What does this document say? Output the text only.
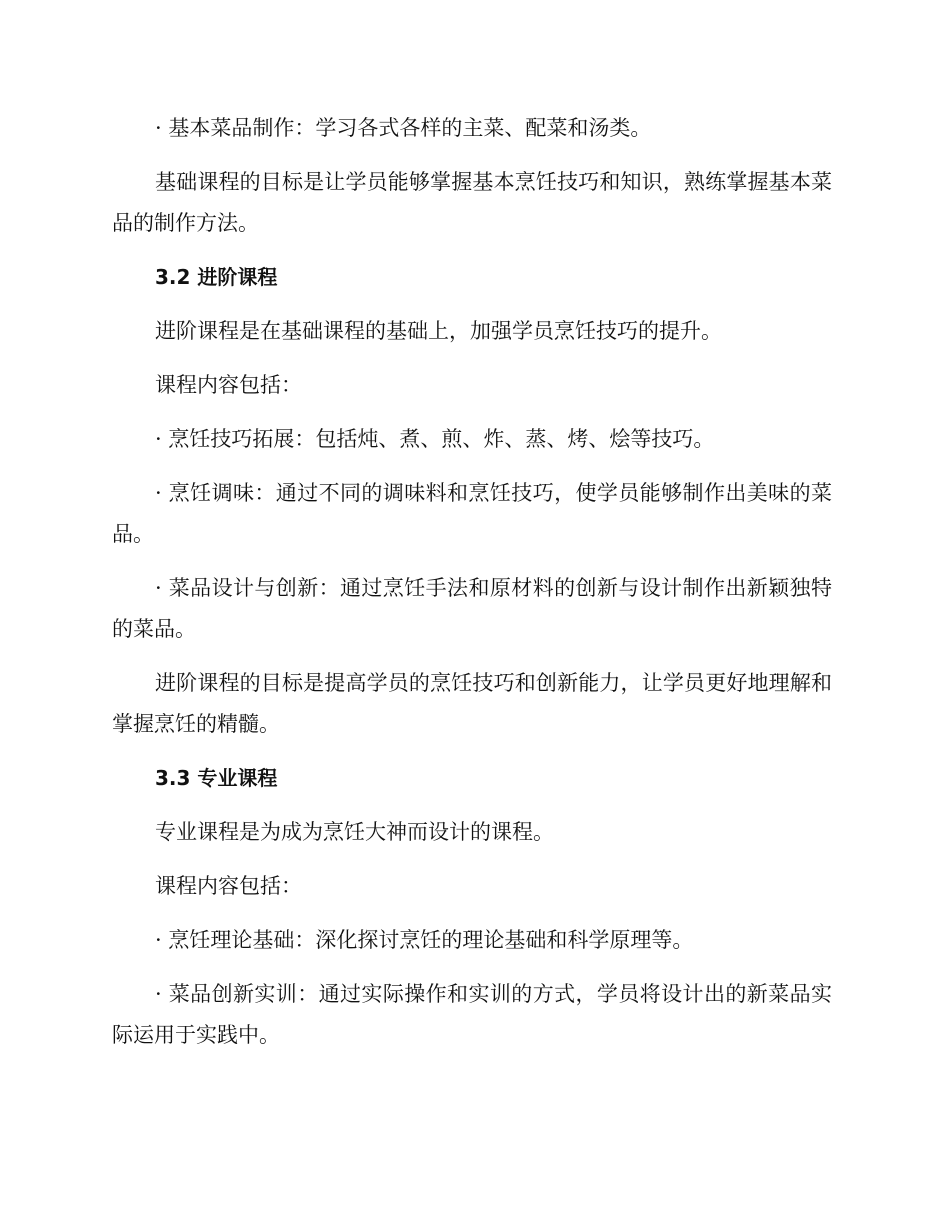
· 基本菜品制作：学习各式各样的主菜、配菜和汤类。

基础课程的目标是让学员能够掌握基本烹饪技巧和知识，熟练掌握基本菜品的制作方法。

3.2 进阶课程

进阶课程是在基础课程的基础上，加强学员烹饪技巧的提升。

课程内容包括：

· 烹饪技巧拓展：包括炖、煮、煎、炸、蒸、烤、烩等技巧。

· 烹饪调味：通过不同的调味料和烹饪技巧，使学员能够制作出美味的菜品。

· 菜品设计与创新：通过烹饪手法和原材料的创新与设计制作出新颖独特的菜品。

进阶课程的目标是提高学员的烹饪技巧和创新能力，让学员更好地理解和掌握烹饪的精髓。

3.3 专业课程

专业课程是为成为烹饪大神而设计的课程。

课程内容包括：

· 烹饪理论基础：深化探讨烹饪的理论基础和科学原理等。

· 菜品创新实训：通过实际操作和实训的方式，学员将设计出的新菜品实际运用于实践中。
